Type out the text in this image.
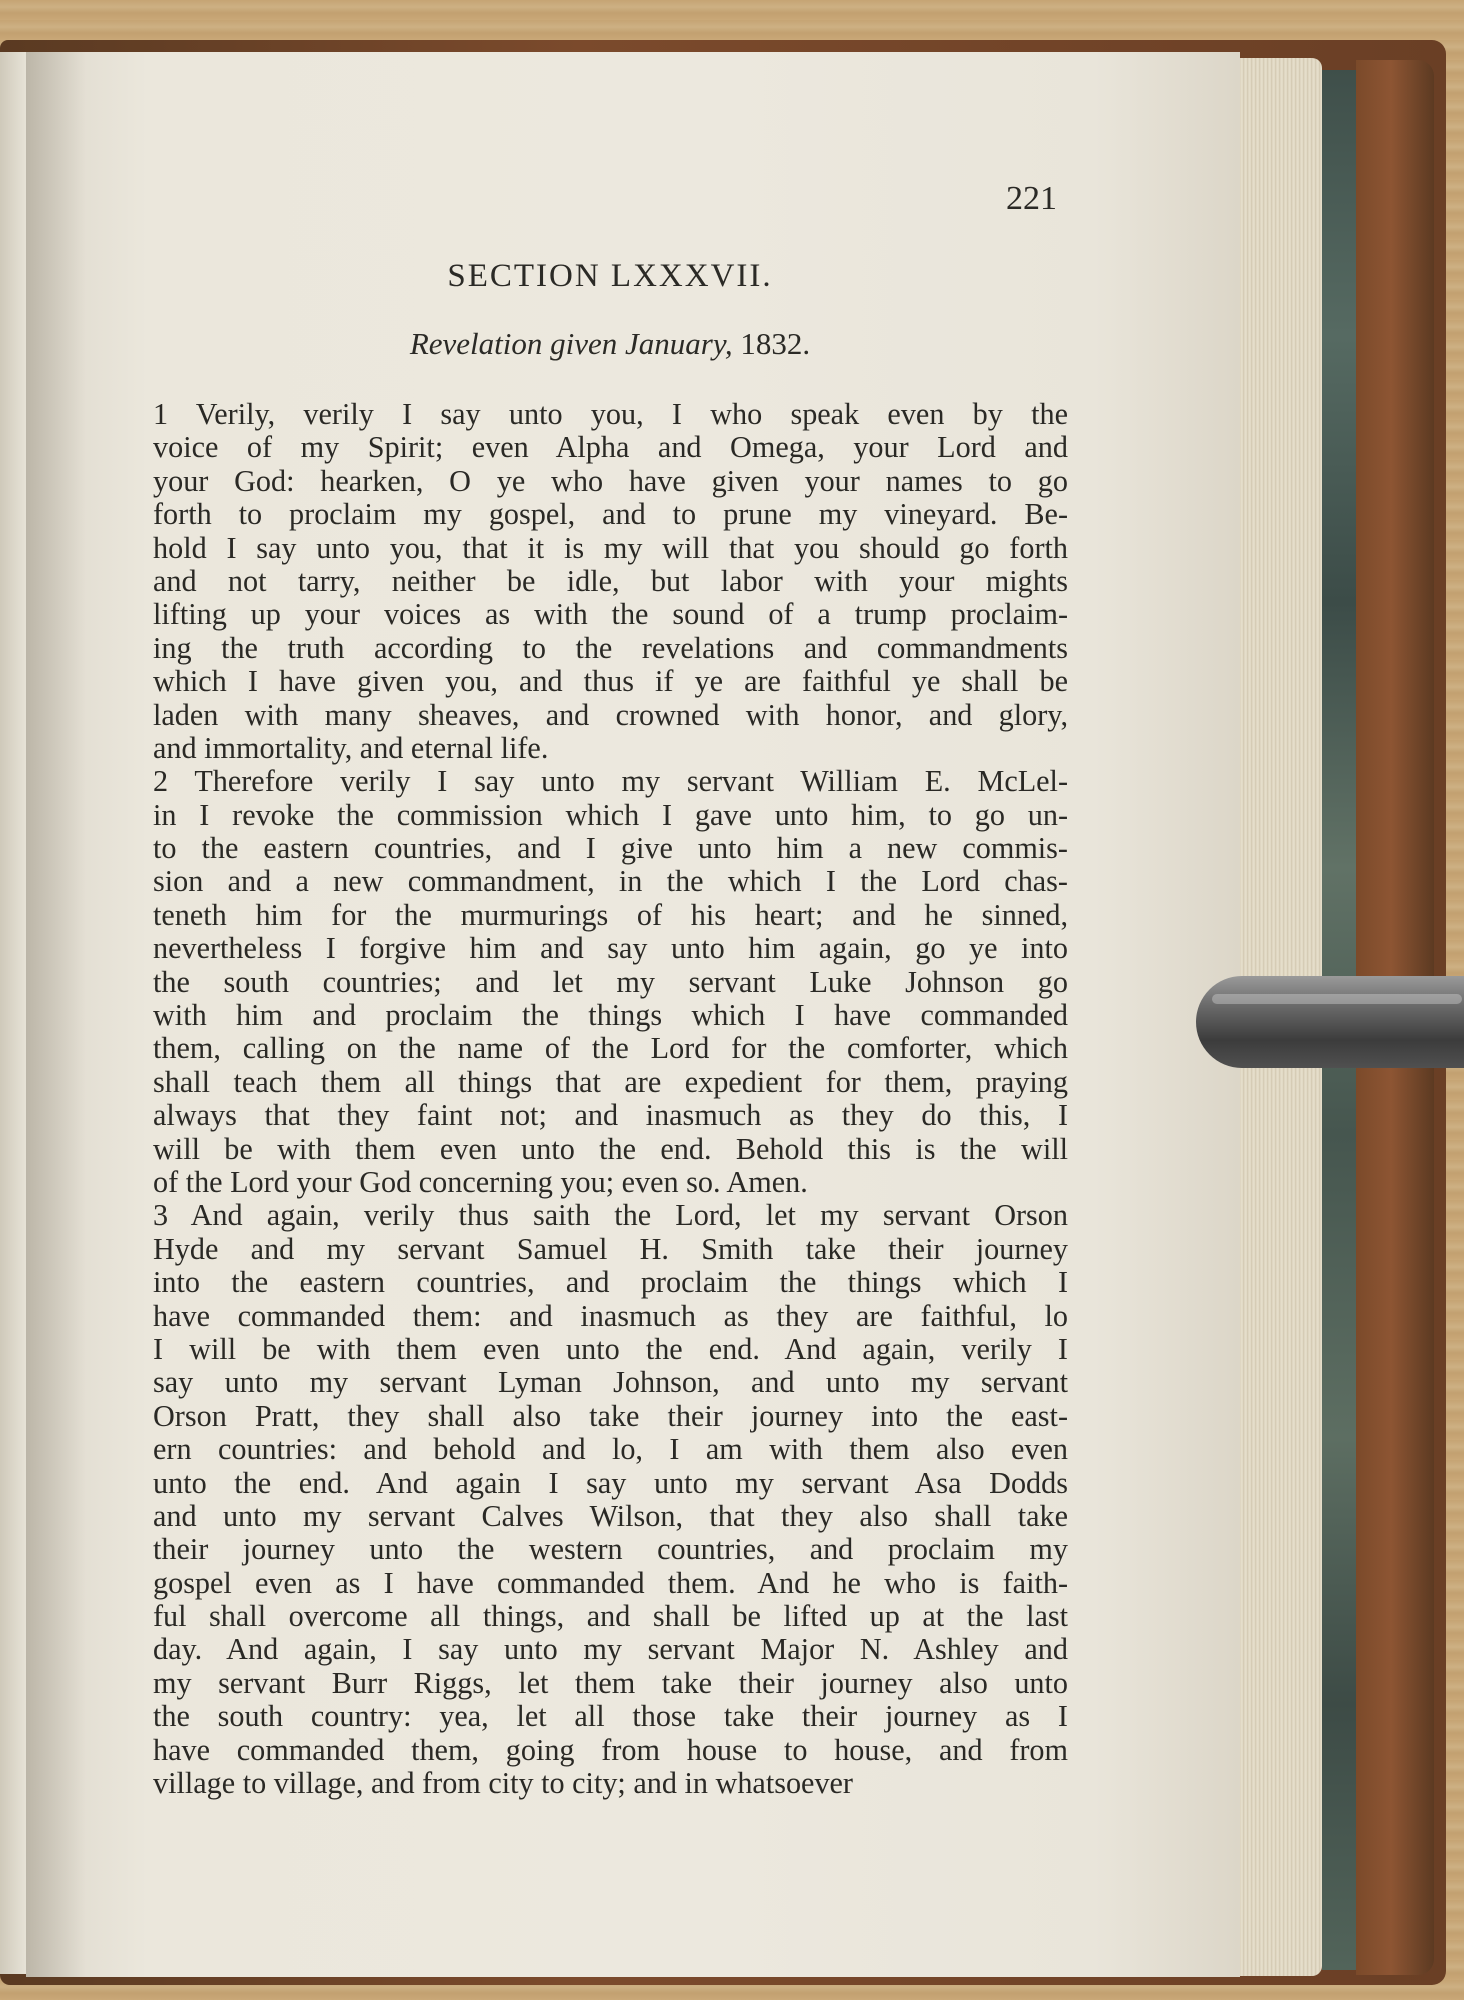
221
SECTION LXXXVII.
Revelation given January, 1832.
1 Verily, verily I say unto you, I who speak even by the
voice of my Spirit; even Alpha and Omega, your Lord and
your God: hearken, O ye who have given your names to go
forth to proclaim my gospel, and to prune my vineyard. Be-
hold I say unto you, that it is my will that you should go forth
and not tarry, neither be idle, but labor with your mights
lifting up your voices as with the sound of a trump proclaim-
ing the truth according to the revelations and commandments
which I have given you, and thus if ye are faithful ye shall be
laden with many sheaves, and crowned with honor, and glory,
and immortality, and eternal life.
2 Therefore verily I say unto my servant William E. McLel-
in I revoke the commission which I gave unto him, to go un-
to the eastern countries, and I give unto him a new commis-
sion and a new commandment, in the which I the Lord chas-
teneth him for the murmurings of his heart; and he sinned,
nevertheless I forgive him and say unto him again, go ye into
the south countries; and let my servant Luke Johnson go
with him and proclaim the things which I have commanded
them, calling on the name of the Lord for the comforter, which
shall teach them all things that are expedient for them, praying
always that they faint not; and inasmuch as they do this, I
will be with them even unto the end. Behold this is the will
of the Lord your God concerning you; even so. Amen.
3 And again, verily thus saith the Lord, let my servant Orson
Hyde and my servant Samuel H. Smith take their journey
into the eastern countries, and proclaim the things which I
have commanded them: and inasmuch as they are faithful, lo
I will be with them even unto the end. And again, verily I
say unto my servant Lyman Johnson, and unto my servant
Orson Pratt, they shall also take their journey into the east-
ern countries: and behold and lo, I am with them also even
unto the end. And again I say unto my servant Asa Dodds
and unto my servant Calves Wilson, that they also shall take
their journey unto the western countries, and proclaim my
gospel even as I have commanded them. And he who is faith-
ful shall overcome all things, and shall be lifted up at the last
day. And again, I say unto my servant Major N. Ashley and
my servant Burr Riggs, let them take their journey also unto
the south country: yea, let all those take their journey as I
have commanded them, going from house to house, and from
village to village, and from city to city; and in whatsoever
